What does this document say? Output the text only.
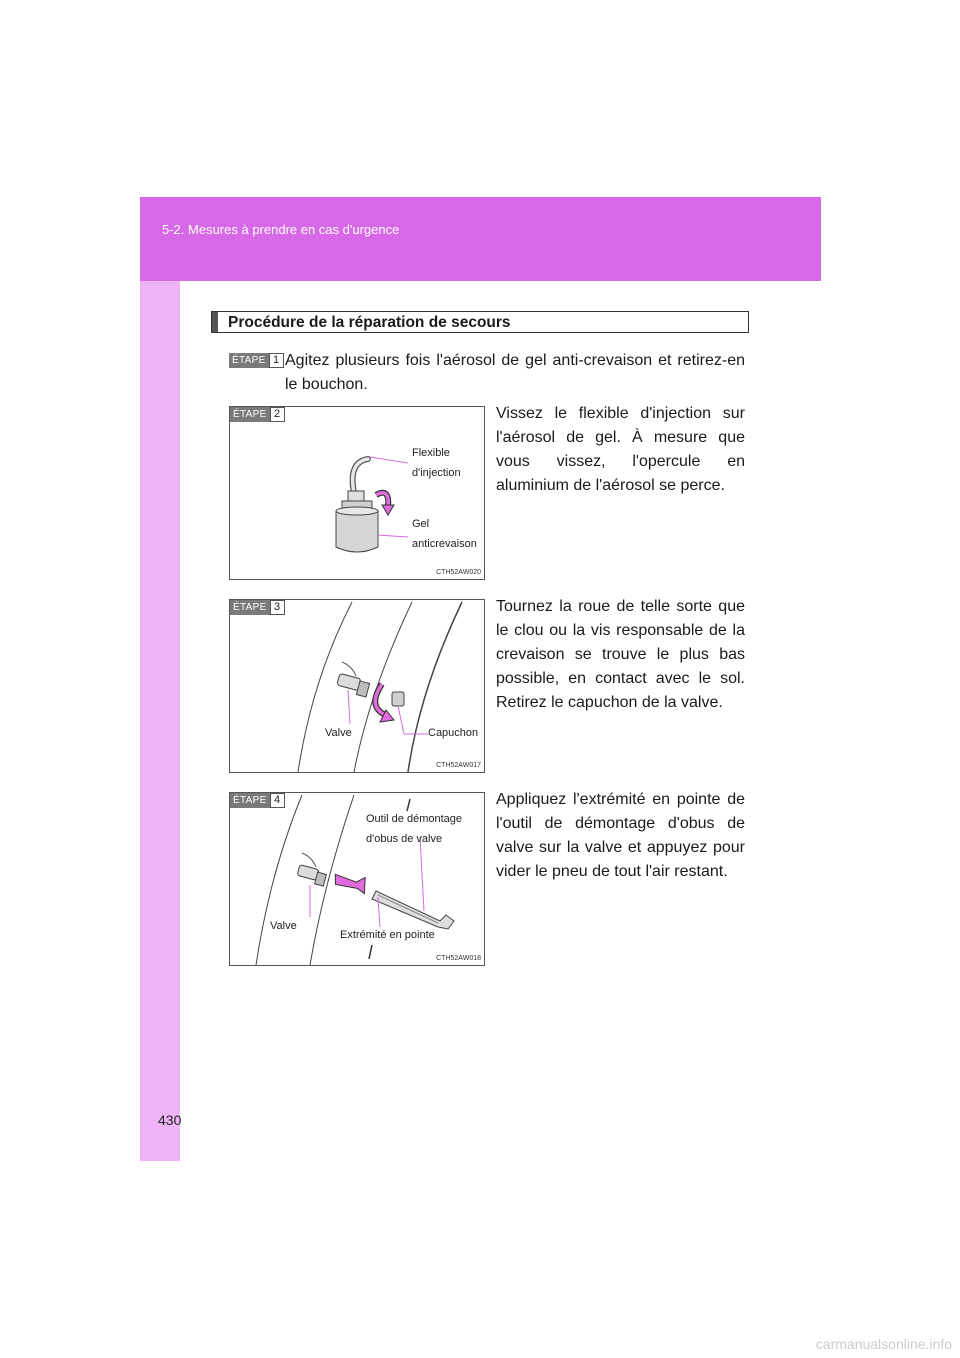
5-2. Mesures à prendre en cas d'urgence
430
Procédure de la réparation de secours
ÉTAPE 1 Agitez plusieurs fois l'aérosol de gel anti-crevaison et retirez-en le bouchon.
ÉTAPE 2
Flexible
d'injection
Gel
anticrevaison
CTH52AW020
Vissez le flexible d'injection sur l'aérosol de gel. À mesure que vous vissez, l'opercule en aluminium de l'aérosol se perce.
ÉTAPE 3
Valve	Capuchon
CTH52AW017
Tournez la roue de telle sorte que le clou ou la vis responsable de la crevaison se trouve le plus bas possible, en contact avec le sol. Retirez le capuchon de la valve.
ÉTAPE 4
Outil de démontage
d'obus de valve
Valve
Extrémité en pointe
CTH52AW018
Appliquez l'extrémité en pointe de l'outil de démontage d'obus de valve sur la valve et appuyez pour vider le pneu de tout l'air restant.
carmanualsonline.info
